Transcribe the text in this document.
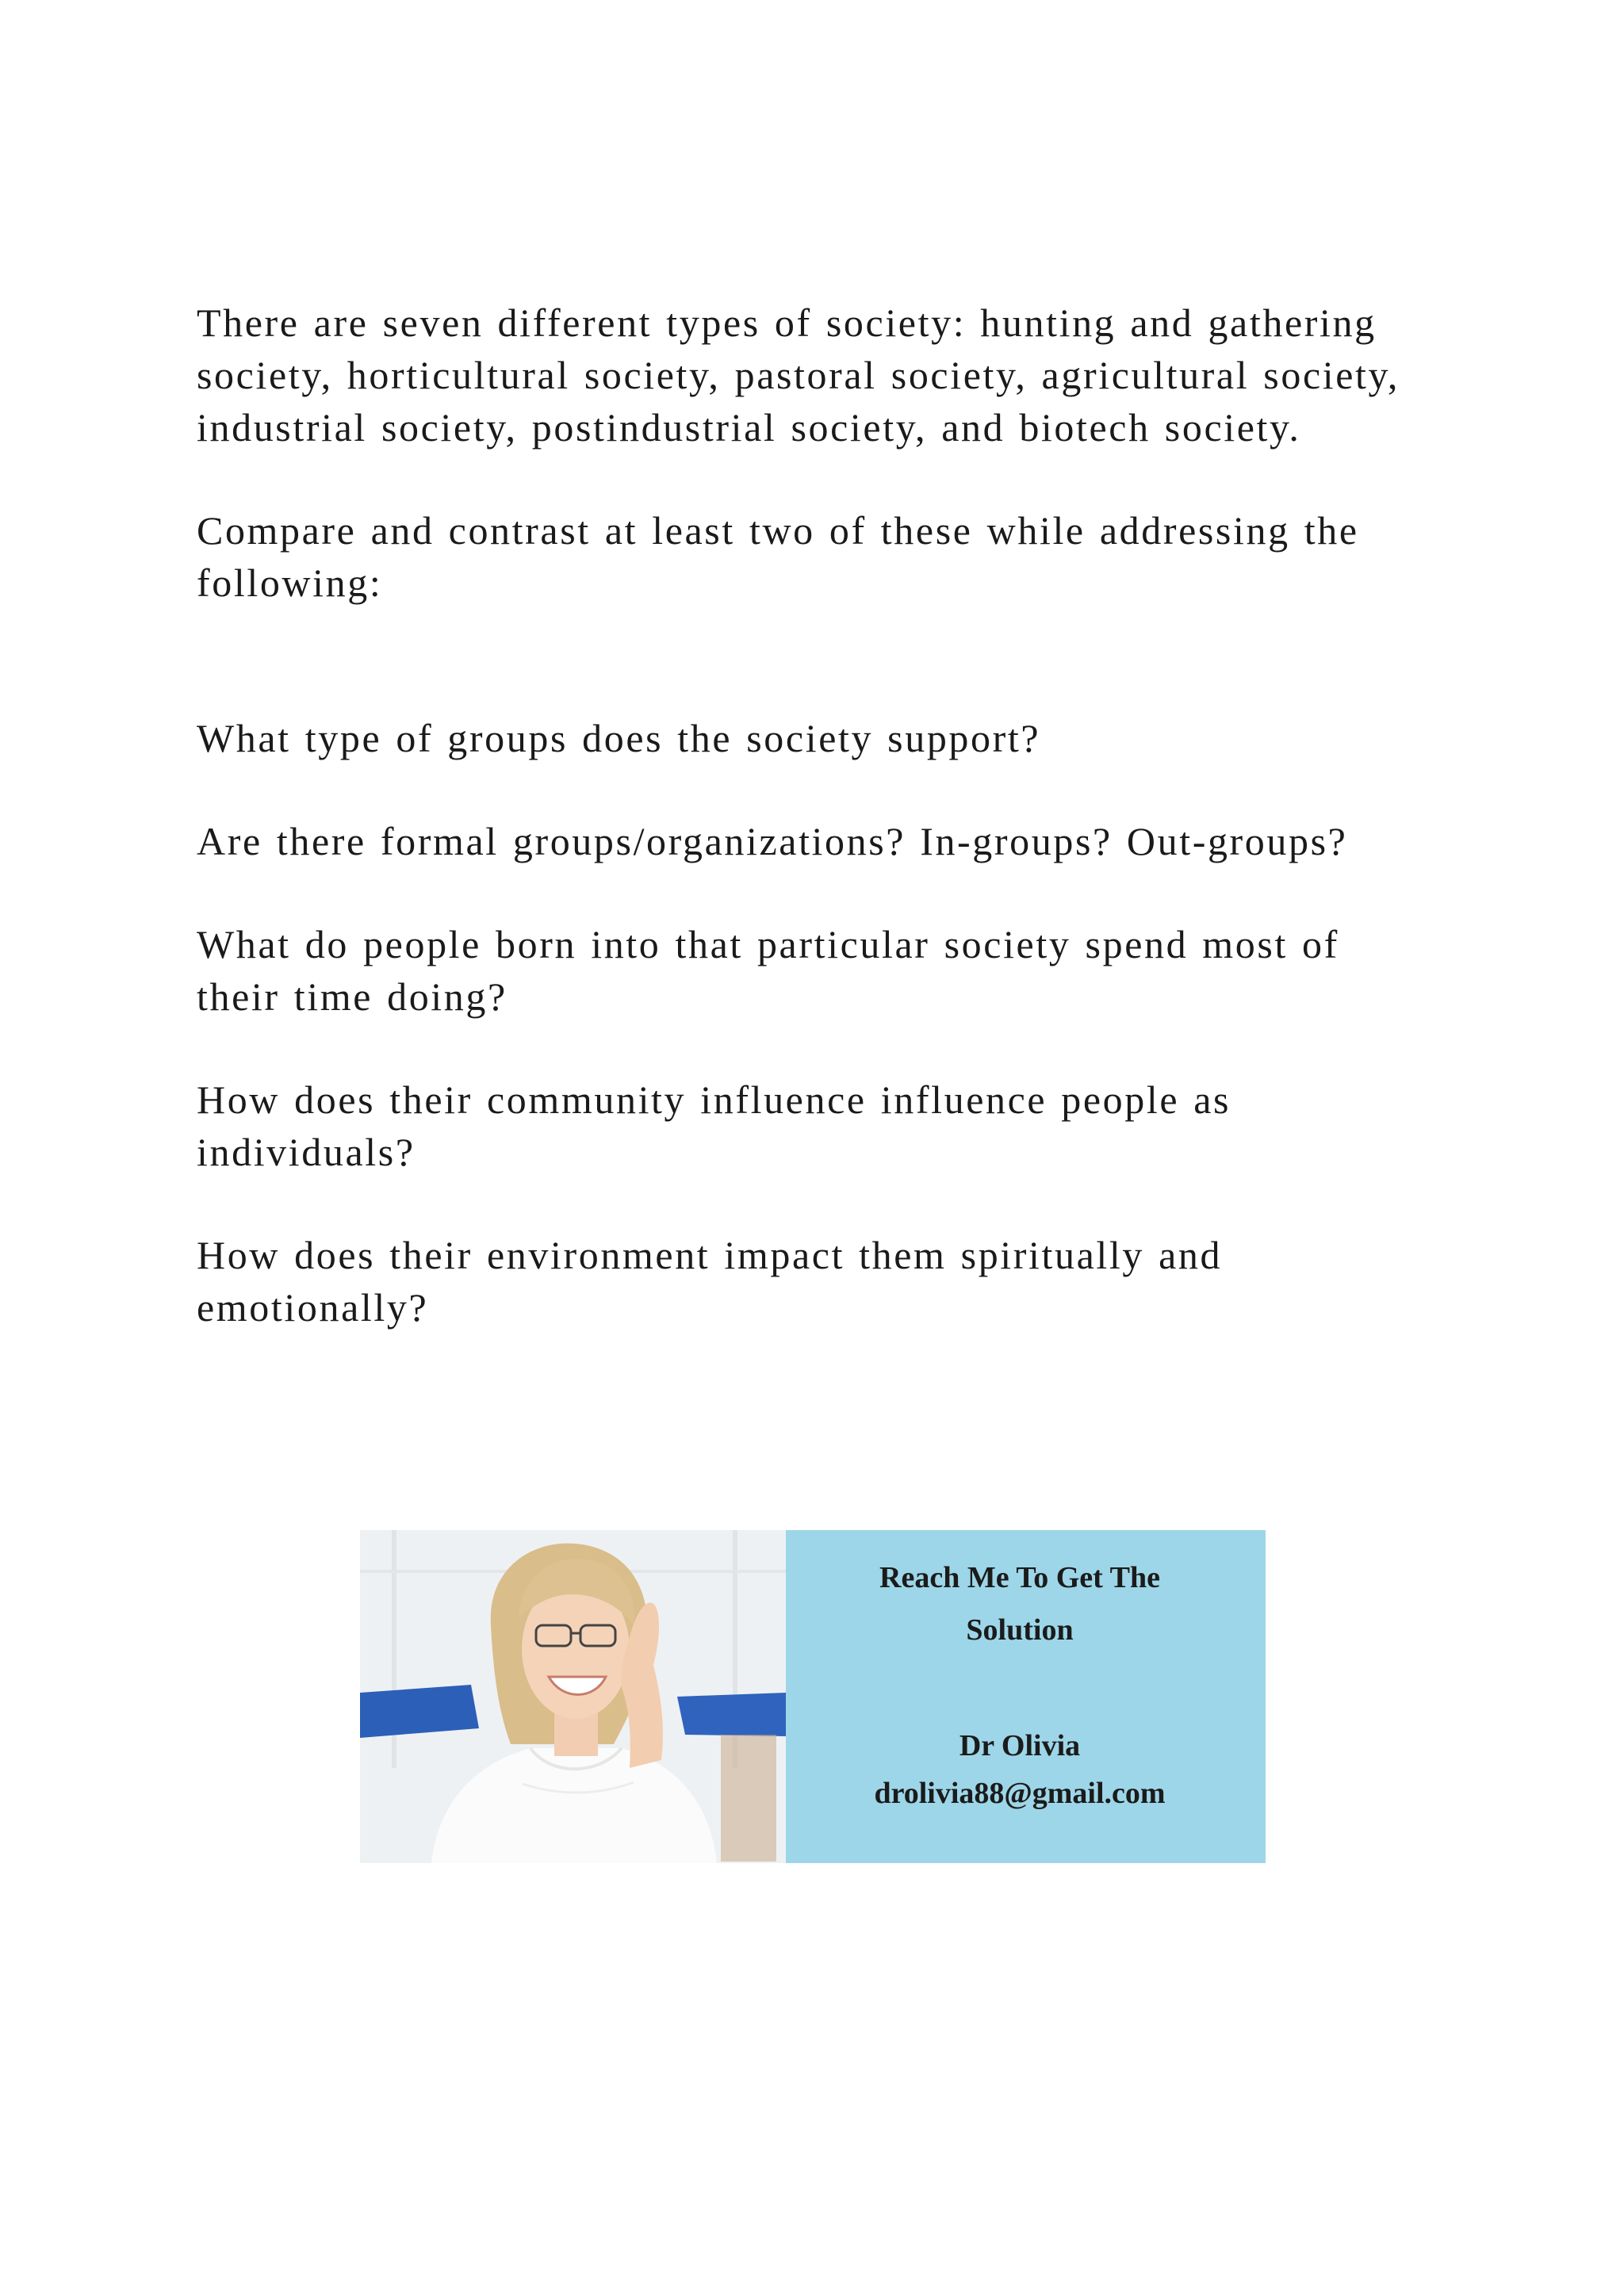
There are seven different types of society: hunting and gathering society, horticultural society, pastoral society, agricultural society, industrial society, postindustrial society, and biotech society.

Compare and contrast at least two of these while addressing the following:

What type of groups does the society support?

Are there formal groups/organizations? In-groups? Out-groups?

What do people born into that particular society spend most of their time doing?

How does their community influence influence people as individuals?

How does their environment impact them spiritually and emotionally?

Reach Me To Get The
Solution
Dr Olivia
drolivia88@gmail.com
